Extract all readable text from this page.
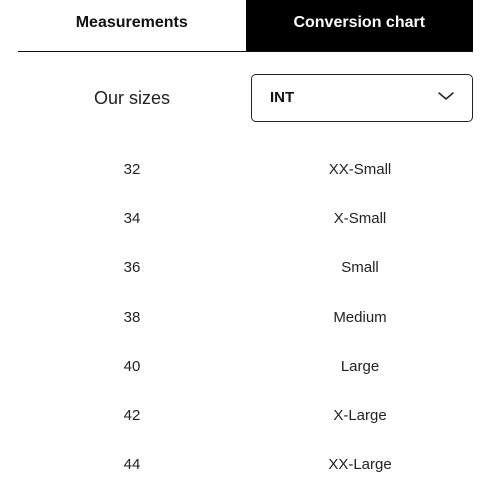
Measurements	Conversion chart
Our sizes	INT
32	XX-Small
34	X-Small
36	Small
38	Medium
40	Large
42	X-Large
44	XX-Large
